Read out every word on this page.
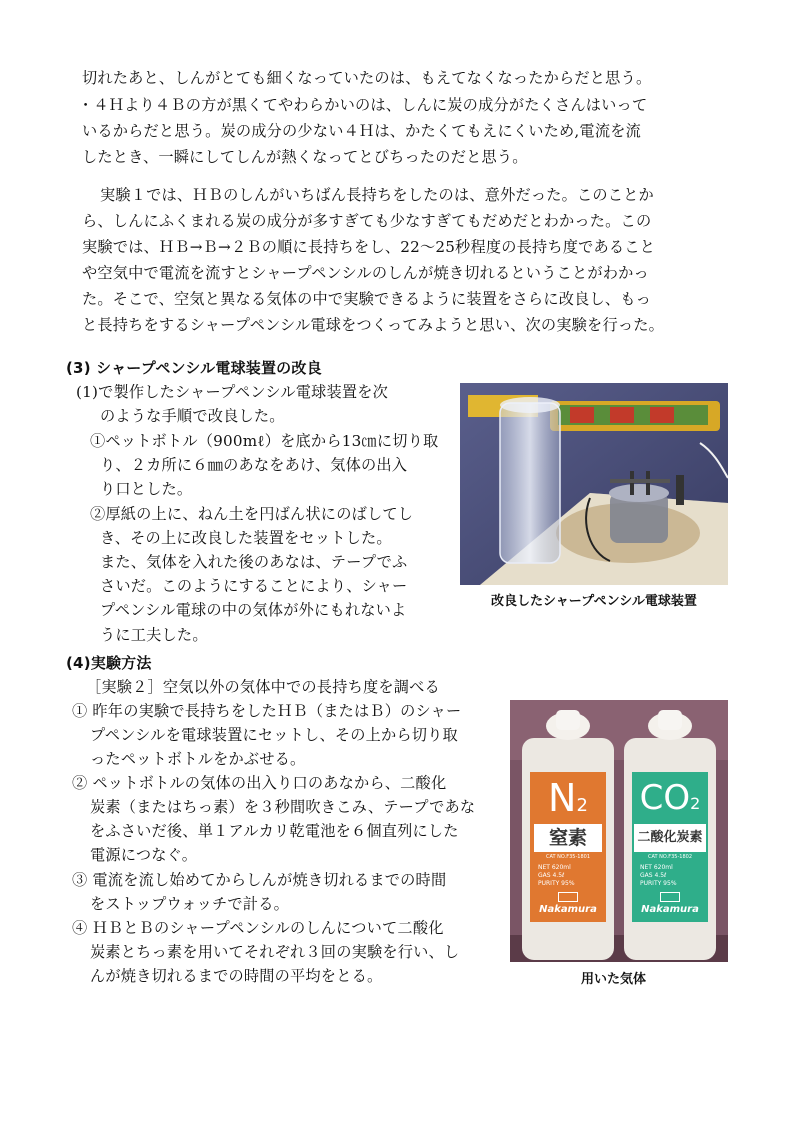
切れたあと、しんがとても細くなっていたのは、もえてなくなったからだと思う。
・４Ｈより４Ｂの方が黒くてやわらかいのは、しんに炭の成分がたくさんはいって
いるからだと思う。炭の成分の少ない４Ｈは、かたくてもえにくいため,電流を流
したとき、一瞬にしてしんが熱くなってとびちったのだと思う。
実験１では、ＨＢのしんがいちばん長持ちをしたのは、意外だった。このことか
ら、しんにふくまれる炭の成分が多すぎても少なすぎてもだめだとわかった。この
実験では、ＨＢ→Ｂ→２Ｂの順に長持ちをし、22〜25秒程度の長持ち度であること
や空気中で電流を流すとシャープペンシルのしんが焼き切れるということがわかっ
た。そこで、空気と異なる気体の中で実験できるように装置をさらに改良し、もっ
と長持ちをするシャープペンシル電球をつくってみようと思い、次の実験を行った。
(3) シャープペンシル電球装置の改良
(1)で製作したシャープペンシル電球装置を次
のような手順で改良した。
①ペットボトル（900mℓ）を底から13㎝に切り取
り、２カ所に６㎜のあなをあけ、気体の出入
り口とした。
②厚紙の上に、ねん土を円ばん状にのばしてし
き、その上に改良した装置をセットした。
また、気体を入れた後のあなは、テープでふ
さいだ。このようにすることにより、シャー
プペンシル電球の中の気体が外にもれないよ
うに工夫した。
改良したシャープペンシル電球装置
(4)実験方法
［実験２］空気以外の気体中での長持ち度を調べる
① 昨年の実験で長持ちをしたＨＢ（またはＢ）のシャー
プペンシルを電球装置にセットし、その上から切り取
ったペットボトルをかぶせる。
② ペットボトルの気体の出入り口のあなから、二酸化
炭素（またはちっ素）を３秒間吹きこみ、テープであな
をふさいだ後、単１アルカリ乾電池を６個直列にした
電源につなぐ。
③ 電流を流し始めてからしんが焼き切れるまでの時間
をストップウォッチで計る。
④ ＨＢとＢのシャープペンシルのしんについて二酸化
炭素とちっ素を用いてそれぞれ３回の実験を行い、し
んが焼き切れるまでの時間の平均をとる。
N2
窒素
CAT NO.F35-1801
NET 620ml
GAS 4.5ℓ
PURITY 95%
Nakamura
CO2
二酸化炭素
CAT NO.F35-1802
NET 620ml
GAS 4.5ℓ
PURITY 95%
Nakamura
用いた気体
